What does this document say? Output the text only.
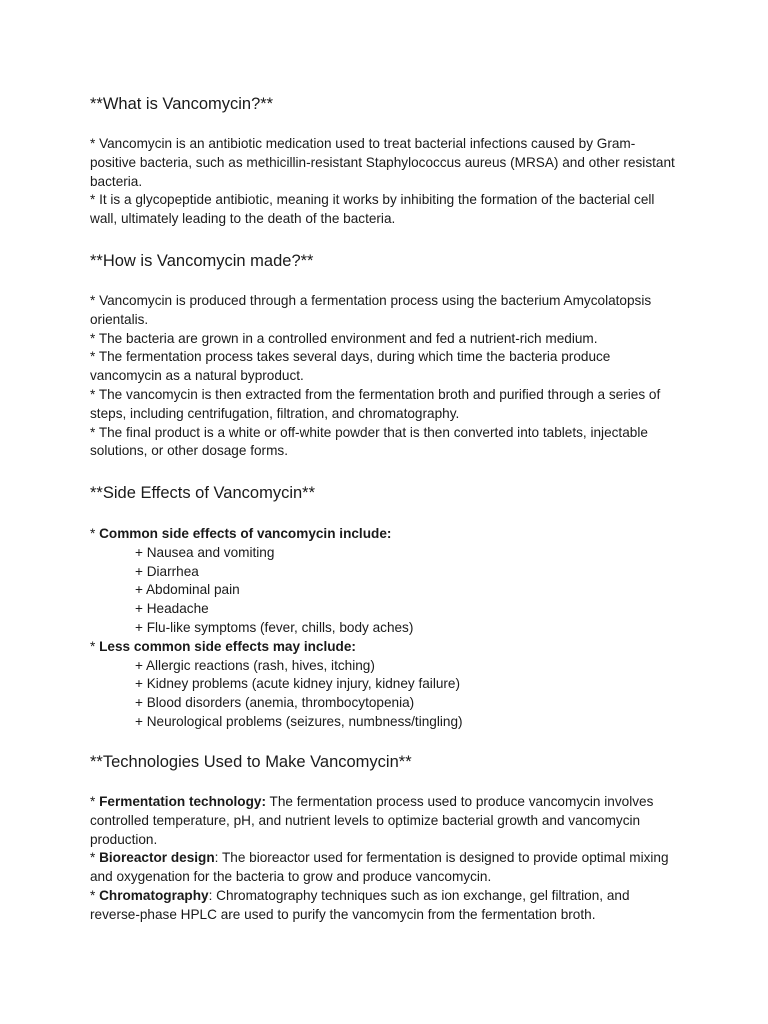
**What is Vancomycin?**

* Vancomycin is an antibiotic medication used to treat bacterial infections caused by Gram-positive bacteria, such as methicillin-resistant Staphylococcus aureus (MRSA) and other resistant bacteria.

* It is a glycopeptide antibiotic, meaning it works by inhibiting the formation of the bacterial cell wall, ultimately leading to the death of the bacteria.

**How is Vancomycin made?**

* Vancomycin is produced through a fermentation process using the bacterium Amycolatopsis orientalis.

* The bacteria are grown in a controlled environment and fed a nutrient-rich medium.

* The fermentation process takes several days, during which time the bacteria produce vancomycin as a natural byproduct.

* The vancomycin is then extracted from the fermentation broth and purified through a series of steps, including centrifugation, filtration, and chromatography.

* The final product is a white or off-white powder that is then converted into tablets, injectable solutions, or other dosage forms.

**Side Effects of Vancomycin**

* Common side effects of vancomycin include:

+ Nausea and vomiting

+ Diarrhea

+ Abdominal pain

+ Headache

+ Flu-like symptoms (fever, chills, body aches)

* Less common side effects may include:

+ Allergic reactions (rash, hives, itching)

+ Kidney problems (acute kidney injury, kidney failure)

+ Blood disorders (anemia, thrombocytopenia)

+ Neurological problems (seizures, numbness/tingling)

**Technologies Used to Make Vancomycin**

* Fermentation technology: The fermentation process used to produce vancomycin involves controlled temperature, pH, and nutrient levels to optimize bacterial growth and vancomycin production.

* Bioreactor design: The bioreactor used for fermentation is designed to provide optimal mixing and oxygenation for the bacteria to grow and produce vancomycin.

* Chromatography: Chromatography techniques such as ion exchange, gel filtration, and reverse-phase HPLC are used to purify the vancomycin from the fermentation broth.
